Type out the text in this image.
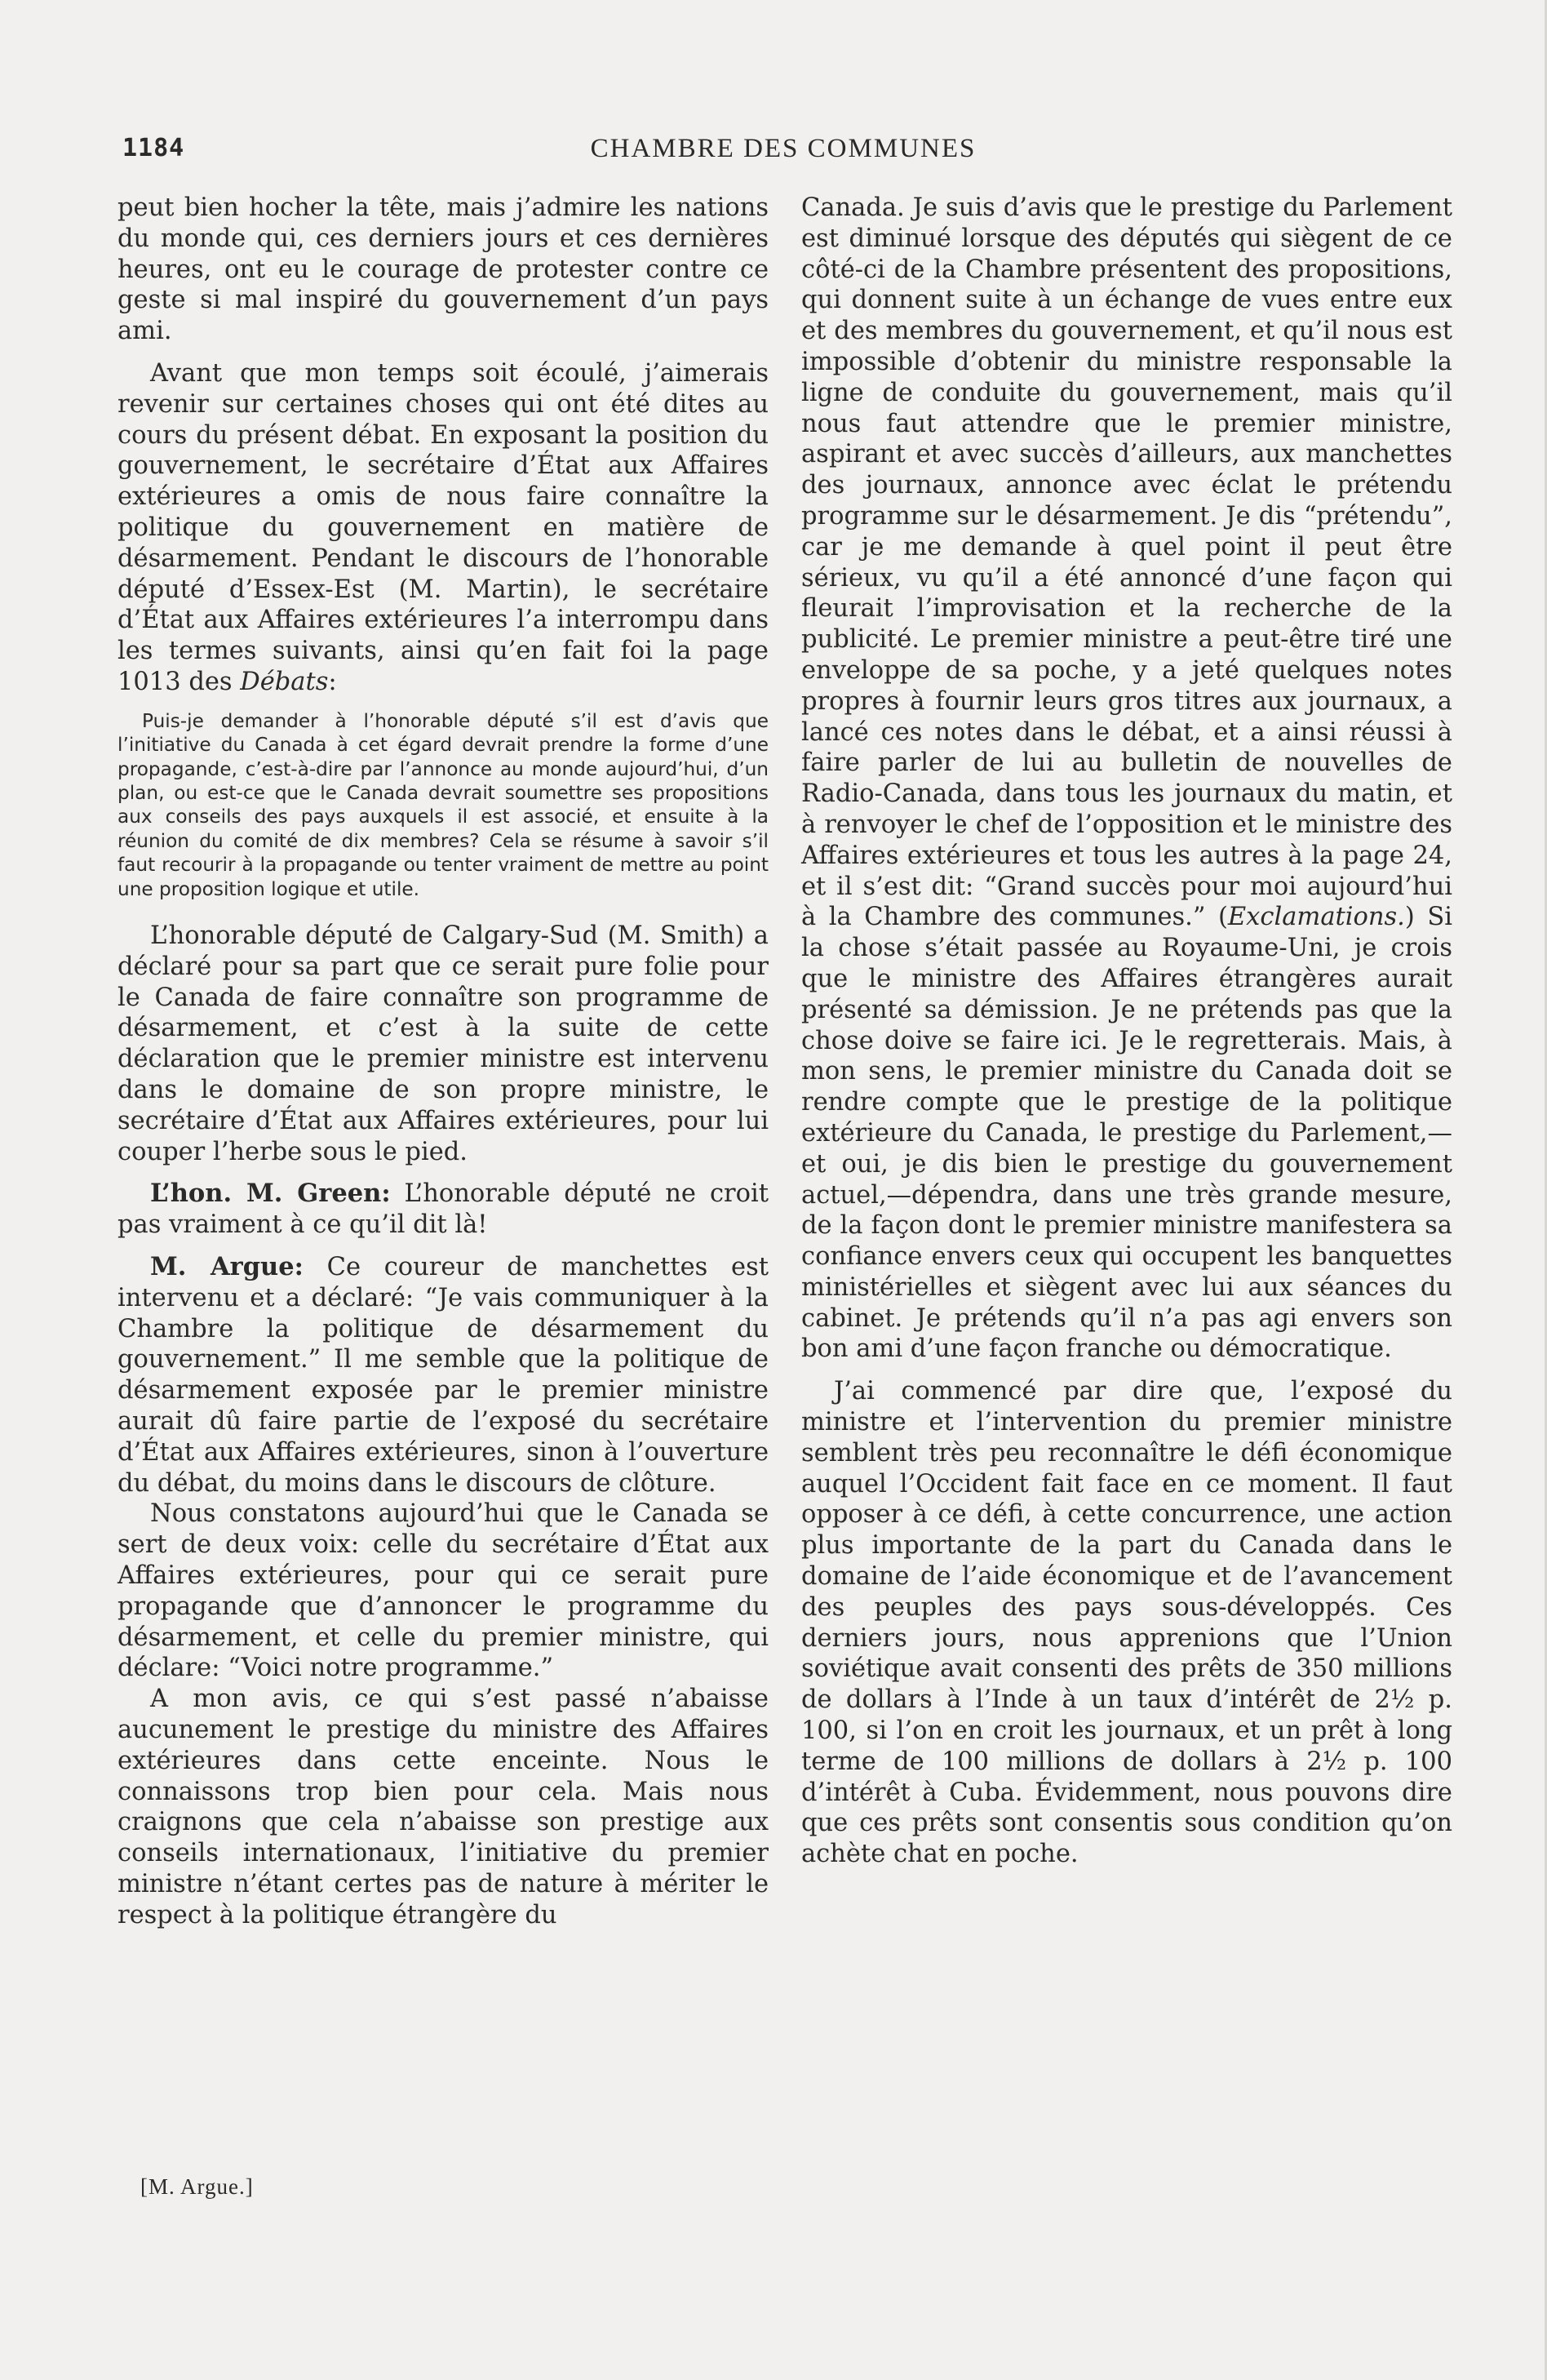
1184	CHAMBRE DES COMMUNES

peut bien hocher la tête, mais j’admire les nations du monde qui, ces derniers jours et ces dernières heures, ont eu le courage de protester contre ce geste si mal inspiré du gouvernement d’un pays ami.

Avant que mon temps soit écoulé, j’aimerais revenir sur certaines choses qui ont été dites au cours du présent débat. En exposant la position du gouvernement, le secrétaire d’État aux Affaires extérieures a omis de nous faire connaître la politique du gouvernement en matière de désarmement. Pendant le discours de l’honorable député d’Essex-Est (M. Martin), le secrétaire d’État aux Affaires extérieures l’a interrompu dans les termes suivants, ainsi qu’en fait foi la page 1013 des Débats:

Puis-je demander à l’honorable député s’il est d’avis que l’initiative du Canada à cet égard devrait prendre la forme d’une propagande, c’est-à-dire par l’annonce au monde aujourd’hui, d’un plan, ou est-ce que le Canada devrait soumettre ses propositions aux conseils des pays auxquels il est associé, et ensuite à la réunion du comité de dix membres? Cela se résume à savoir s’il faut recourir à la propagande ou tenter vraiment de mettre au point une proposition logique et utile.

L’honorable député de Calgary-Sud (M. Smith) a déclaré pour sa part que ce serait pure folie pour le Canada de faire connaître son programme de désarmement, et c’est à la suite de cette déclaration que le premier ministre est intervenu dans le domaine de son propre ministre, le secrétaire d’État aux Affaires extérieures, pour lui couper l’herbe sous le pied.

L’hon. M. Green: L’honorable député ne croit pas vraiment à ce qu’il dit là!

M. Argue: Ce coureur de manchettes est intervenu et a déclaré: “Je vais communiquer à la Chambre la politique de désarmement du gouvernement.” Il me semble que la politique de désarmement exposée par le premier ministre aurait dû faire partie de l’exposé du secrétaire d’État aux Affaires extérieures, sinon à l’ouverture du débat, du moins dans le discours de clôture.

Nous constatons aujourd’hui que le Canada se sert de deux voix: celle du secrétaire d’État aux Affaires extérieures, pour qui ce serait pure propagande que d’annoncer le programme du désarmement, et celle du premier ministre, qui déclare: “Voici notre programme.”

A mon avis, ce qui s’est passé n’abaisse aucunement le prestige du ministre des Affaires extérieures dans cette enceinte. Nous le connaissons trop bien pour cela. Mais nous craignons que cela n’abaisse son prestige aux conseils internationaux, l’initiative du premier ministre n’étant certes pas de nature à mériter le respect à la politique étrangère du

Canada. Je suis d’avis que le prestige du Parlement est diminué lorsque des députés qui siègent de ce côté-ci de la Chambre présentent des propositions, qui donnent suite à un échange de vues entre eux et des membres du gouvernement, et qu’il nous est impossible d’obtenir du ministre responsable la ligne de conduite du gouvernement, mais qu’il nous faut attendre que le premier ministre, aspirant et avec succès d’ailleurs, aux manchettes des journaux, annonce avec éclat le prétendu programme sur le désarmement. Je dis “prétendu”, car je me demande à quel point il peut être sérieux, vu qu’il a été annoncé d’une façon qui fleurait l’improvisation et la recherche de la publicité. Le premier ministre a peut-être tiré une enveloppe de sa poche, y a jeté quelques notes propres à fournir leurs gros titres aux journaux, a lancé ces notes dans le débat, et a ainsi réussi à faire parler de lui au bulletin de nouvelles de Radio-Canada, dans tous les journaux du matin, et à renvoyer le chef de l’opposition et le ministre des Affaires extérieures et tous les autres à la page 24, et il s’est dit: “Grand succès pour moi aujourd’hui à la Chambre des communes.” (Exclamations.) Si la chose s’était passée au Royaume-Uni, je crois que le ministre des Affaires étrangères aurait présenté sa démission. Je ne prétends pas que la chose doive se faire ici. Je le regretterais. Mais, à mon sens, le premier ministre du Canada doit se rendre compte que le prestige de la politique extérieure du Canada, le prestige du Parlement,—et oui, je dis bien le prestige du gouvernement actuel,—dépendra, dans une très grande mesure, de la façon dont le premier ministre manifestera sa confiance envers ceux qui occupent les banquettes ministérielles et siègent avec lui aux séances du cabinet. Je prétends qu’il n’a pas agi envers son bon ami d’une façon franche ou démocratique.

J’ai commencé par dire que, l’exposé du ministre et l’intervention du premier ministre semblent très peu reconnaître le défi économique auquel l’Occident fait face en ce moment. Il faut opposer à ce défi, à cette concurrence, une action plus importante de la part du Canada dans le domaine de l’aide économique et de l’avancement des peuples des pays sous-développés. Ces derniers jours, nous apprenions que l’Union soviétique avait consenti des prêts de 350 millions de dollars à l’Inde à un taux d’intérêt de 2½ p. 100, si l’on en croit les journaux, et un prêt à long terme de 100 millions de dollars à 2½ p. 100 d’intérêt à Cuba. Évidemment, nous pouvons dire que ces prêts sont consentis sous condition qu’on achète chat en poche.

[M. Argue.]
